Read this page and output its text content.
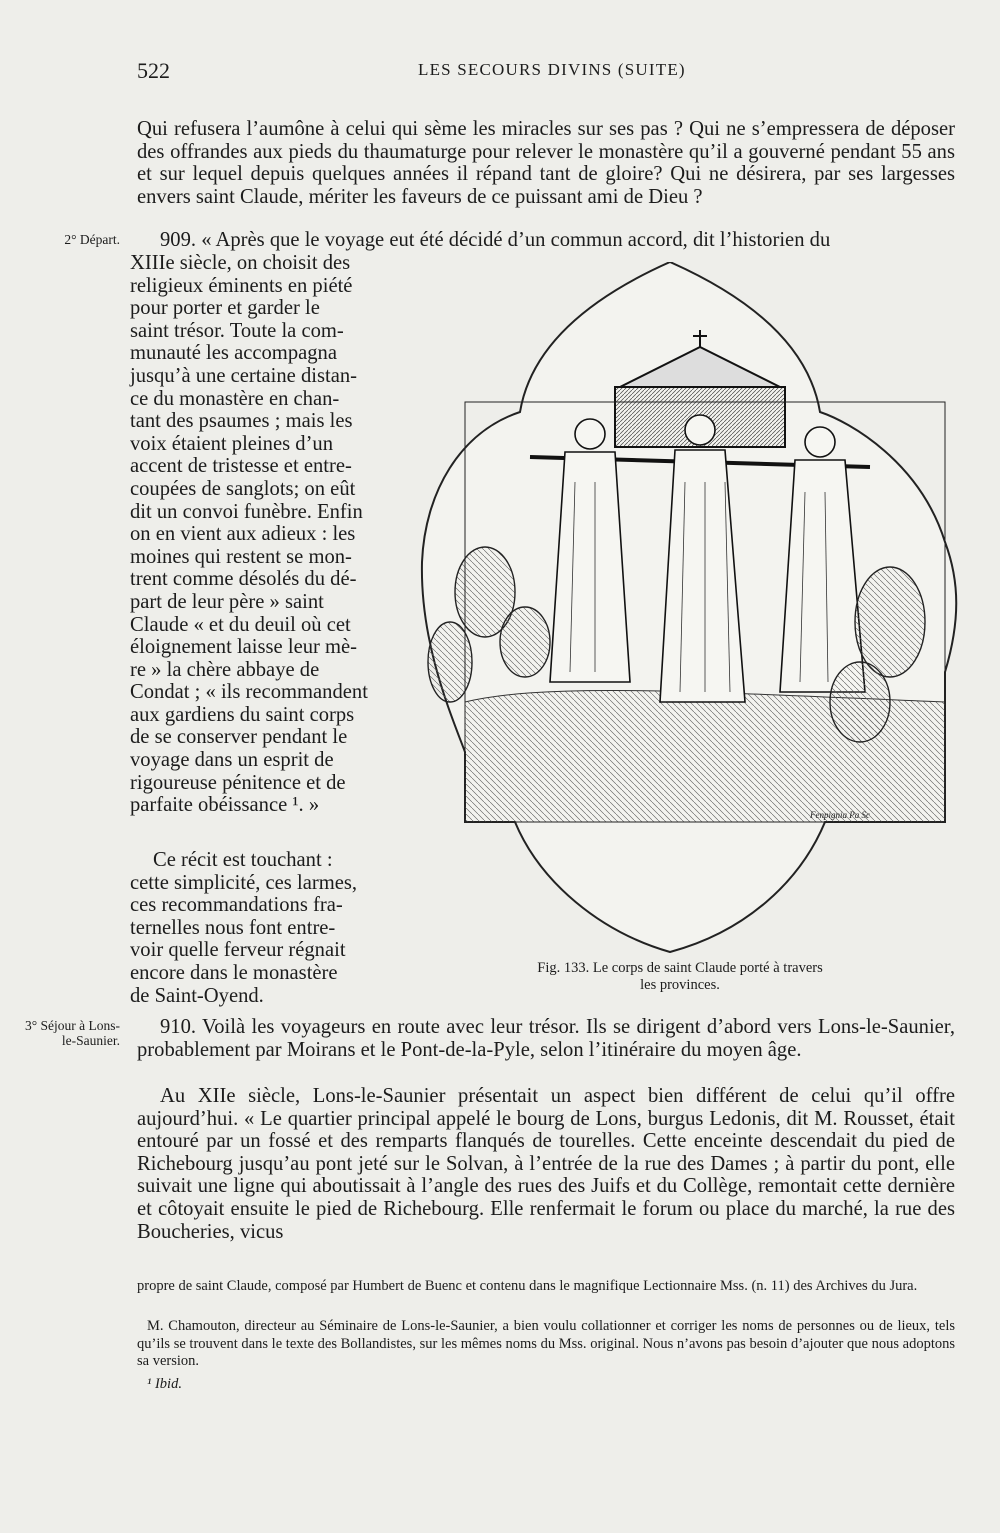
522	LES SECOURS DIVINS (SUITE)
Qui refusera l’aumône à celui qui sème les miracles sur ses pas ? Qui ne s’empressera de déposer des offrandes aux pieds du thaumaturge pour relever le monastère qu’il a gouverné pendant 55 ans et sur lequel depuis quelques années il répand tant de gloire? Qui ne désirera, par ses largesses envers saint Claude, mériter les faveurs de ce puissant ami de Dieu ?
2° Départ. 909. « Après que le voyage eut été décidé d’un commun accord, dit l’historien du
XIIIe siècle, on choisit des
religieux éminents en piété
pour porter et garder le
saint trésor. Toute la com-
munauté les accompagna
jusqu’à une certaine distan-
ce du monastère en chan-
tant des psaumes ; mais les
voix étaient pleines d’un
accent de tristesse et entre-
coupées de sanglots; on eût
dit un convoi funèbre. Enfin
on en vient aux adieux : les
moines qui restent se mon-
trent comme désolés du dé-
part de leur père » saint
Claude « et du deuil où cet
éloignement laisse leur mè-
re » la chère abbaye de
Condat ; « ils recommandent
aux gardiens du saint corps
de se conserver pendant le
voyage dans un esprit de
rigoureuse pénitence et de
parfaite obéissance ¹. »
Ce récit est touchant :
cette simplicité, ces larmes,
ces recommandations fra-
ternelles nous font entre-
voir quelle ferveur régnait
encore dans le monastère
de Saint-Oyend.
Fenpignia Pa Sc
Fig. 133. Le corps de saint Claude porté à travers
les provinces.
3° Séjour à Lons-le-Saunier.
910. Voilà les voyageurs en route avec leur trésor. Ils se dirigent d’abord vers Lons-le-Saunier, probablement par Moirans et le Pont-de-la-Pyle, selon l’itinéraire du moyen âge.
Au XIIe siècle, Lons-le-Saunier présentait un aspect bien différent de celui qu’il offre aujourd’hui. « Le quartier principal appelé le bourg de Lons, burgus Ledonis, dit M. Rousset, était entouré par un fossé et des remparts flanqués de tourelles. Cette enceinte descendait du pied de Richebourg jusqu’au pont jeté sur le Solvan, à l’entrée de la rue des Dames ; à partir du pont, elle suivait une ligne qui aboutissait à l’angle des rues des Juifs et du Collège, remontait cette dernière et côtoyait ensuite le pied de Richebourg. Elle renfermait le forum ou place du marché, la rue des Boucheries, vicus
propre de saint Claude, composé par Humbert de Buenc et contenu dans le magnifique Lectionnaire Mss. (n. 11) des Archives du Jura.
M. Chamouton, directeur au Séminaire de Lons-le-Saunier, a bien voulu collationner et corriger les noms de personnes ou de lieux, tels qu’ils se trouvent dans le texte des Bollandistes, sur les mêmes noms du Mss. original. Nous n’avons pas besoin d’ajouter que nous adoptons sa version.
¹ Ibid.
